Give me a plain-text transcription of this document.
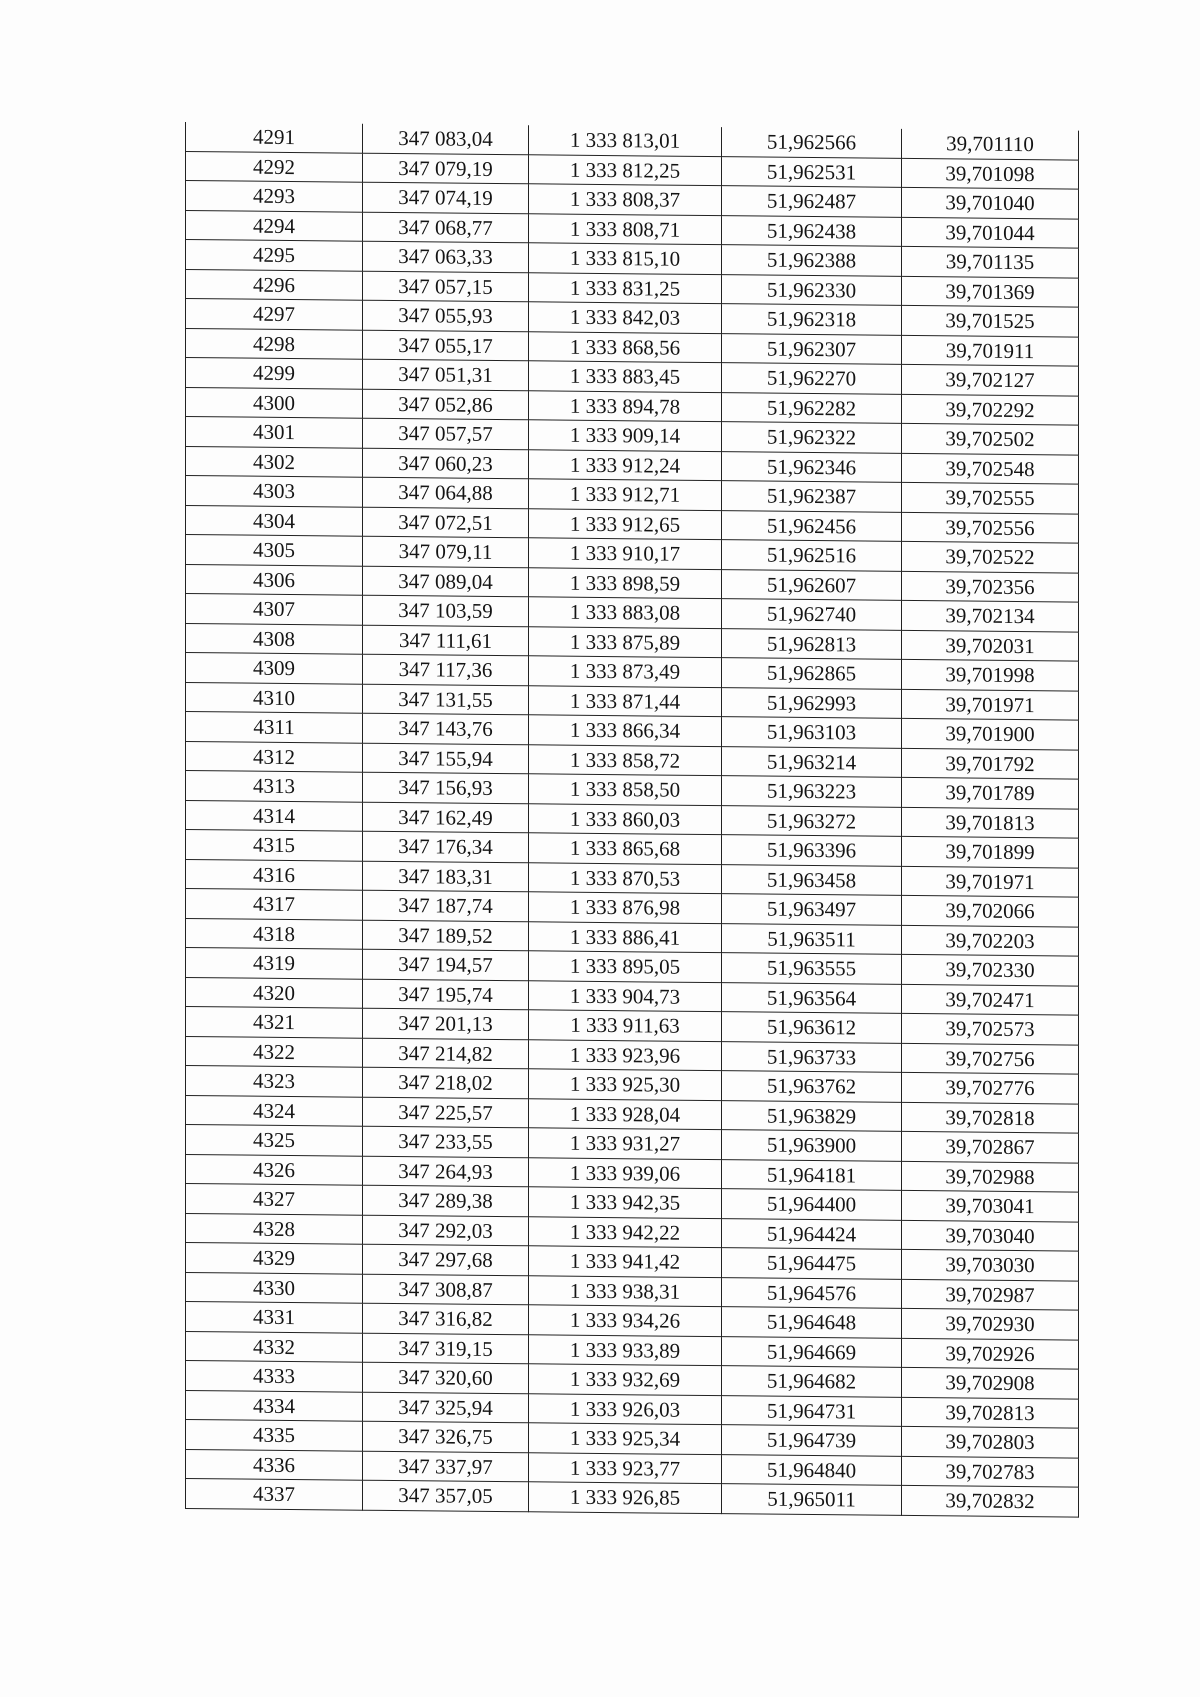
4291	347 083,04	1 333 813,01	51,962566	39,701110
4292	347 079,19	1 333 812,25	51,962531	39,701098
4293	347 074,19	1 333 808,37	51,962487	39,701040
4294	347 068,77	1 333 808,71	51,962438	39,701044
4295	347 063,33	1 333 815,10	51,962388	39,701135
4296	347 057,15	1 333 831,25	51,962330	39,701369
4297	347 055,93	1 333 842,03	51,962318	39,701525
4298	347 055,17	1 333 868,56	51,962307	39,701911
4299	347 051,31	1 333 883,45	51,962270	39,702127
4300	347 052,86	1 333 894,78	51,962282	39,702292
4301	347 057,57	1 333 909,14	51,962322	39,702502
4302	347 060,23	1 333 912,24	51,962346	39,702548
4303	347 064,88	1 333 912,71	51,962387	39,702555
4304	347 072,51	1 333 912,65	51,962456	39,702556
4305	347 079,11	1 333 910,17	51,962516	39,702522
4306	347 089,04	1 333 898,59	51,962607	39,702356
4307	347 103,59	1 333 883,08	51,962740	39,702134
4308	347 111,61	1 333 875,89	51,962813	39,702031
4309	347 117,36	1 333 873,49	51,962865	39,701998
4310	347 131,55	1 333 871,44	51,962993	39,701971
4311	347 143,76	1 333 866,34	51,963103	39,701900
4312	347 155,94	1 333 858,72	51,963214	39,701792
4313	347 156,93	1 333 858,50	51,963223	39,701789
4314	347 162,49	1 333 860,03	51,963272	39,701813
4315	347 176,34	1 333 865,68	51,963396	39,701899
4316	347 183,31	1 333 870,53	51,963458	39,701971
4317	347 187,74	1 333 876,98	51,963497	39,702066
4318	347 189,52	1 333 886,41	51,963511	39,702203
4319	347 194,57	1 333 895,05	51,963555	39,702330
4320	347 195,74	1 333 904,73	51,963564	39,702471
4321	347 201,13	1 333 911,63	51,963612	39,702573
4322	347 214,82	1 333 923,96	51,963733	39,702756
4323	347 218,02	1 333 925,30	51,963762	39,702776
4324	347 225,57	1 333 928,04	51,963829	39,702818
4325	347 233,55	1 333 931,27	51,963900	39,702867
4326	347 264,93	1 333 939,06	51,964181	39,702988
4327	347 289,38	1 333 942,35	51,964400	39,703041
4328	347 292,03	1 333 942,22	51,964424	39,703040
4329	347 297,68	1 333 941,42	51,964475	39,703030
4330	347 308,87	1 333 938,31	51,964576	39,702987
4331	347 316,82	1 333 934,26	51,964648	39,702930
4332	347 319,15	1 333 933,89	51,964669	39,702926
4333	347 320,60	1 333 932,69	51,964682	39,702908
4334	347 325,94	1 333 926,03	51,964731	39,702813
4335	347 326,75	1 333 925,34	51,964739	39,702803
4336	347 337,97	1 333 923,77	51,964840	39,702783
4337	347 357,05	1 333 926,85	51,965011	39,702832
